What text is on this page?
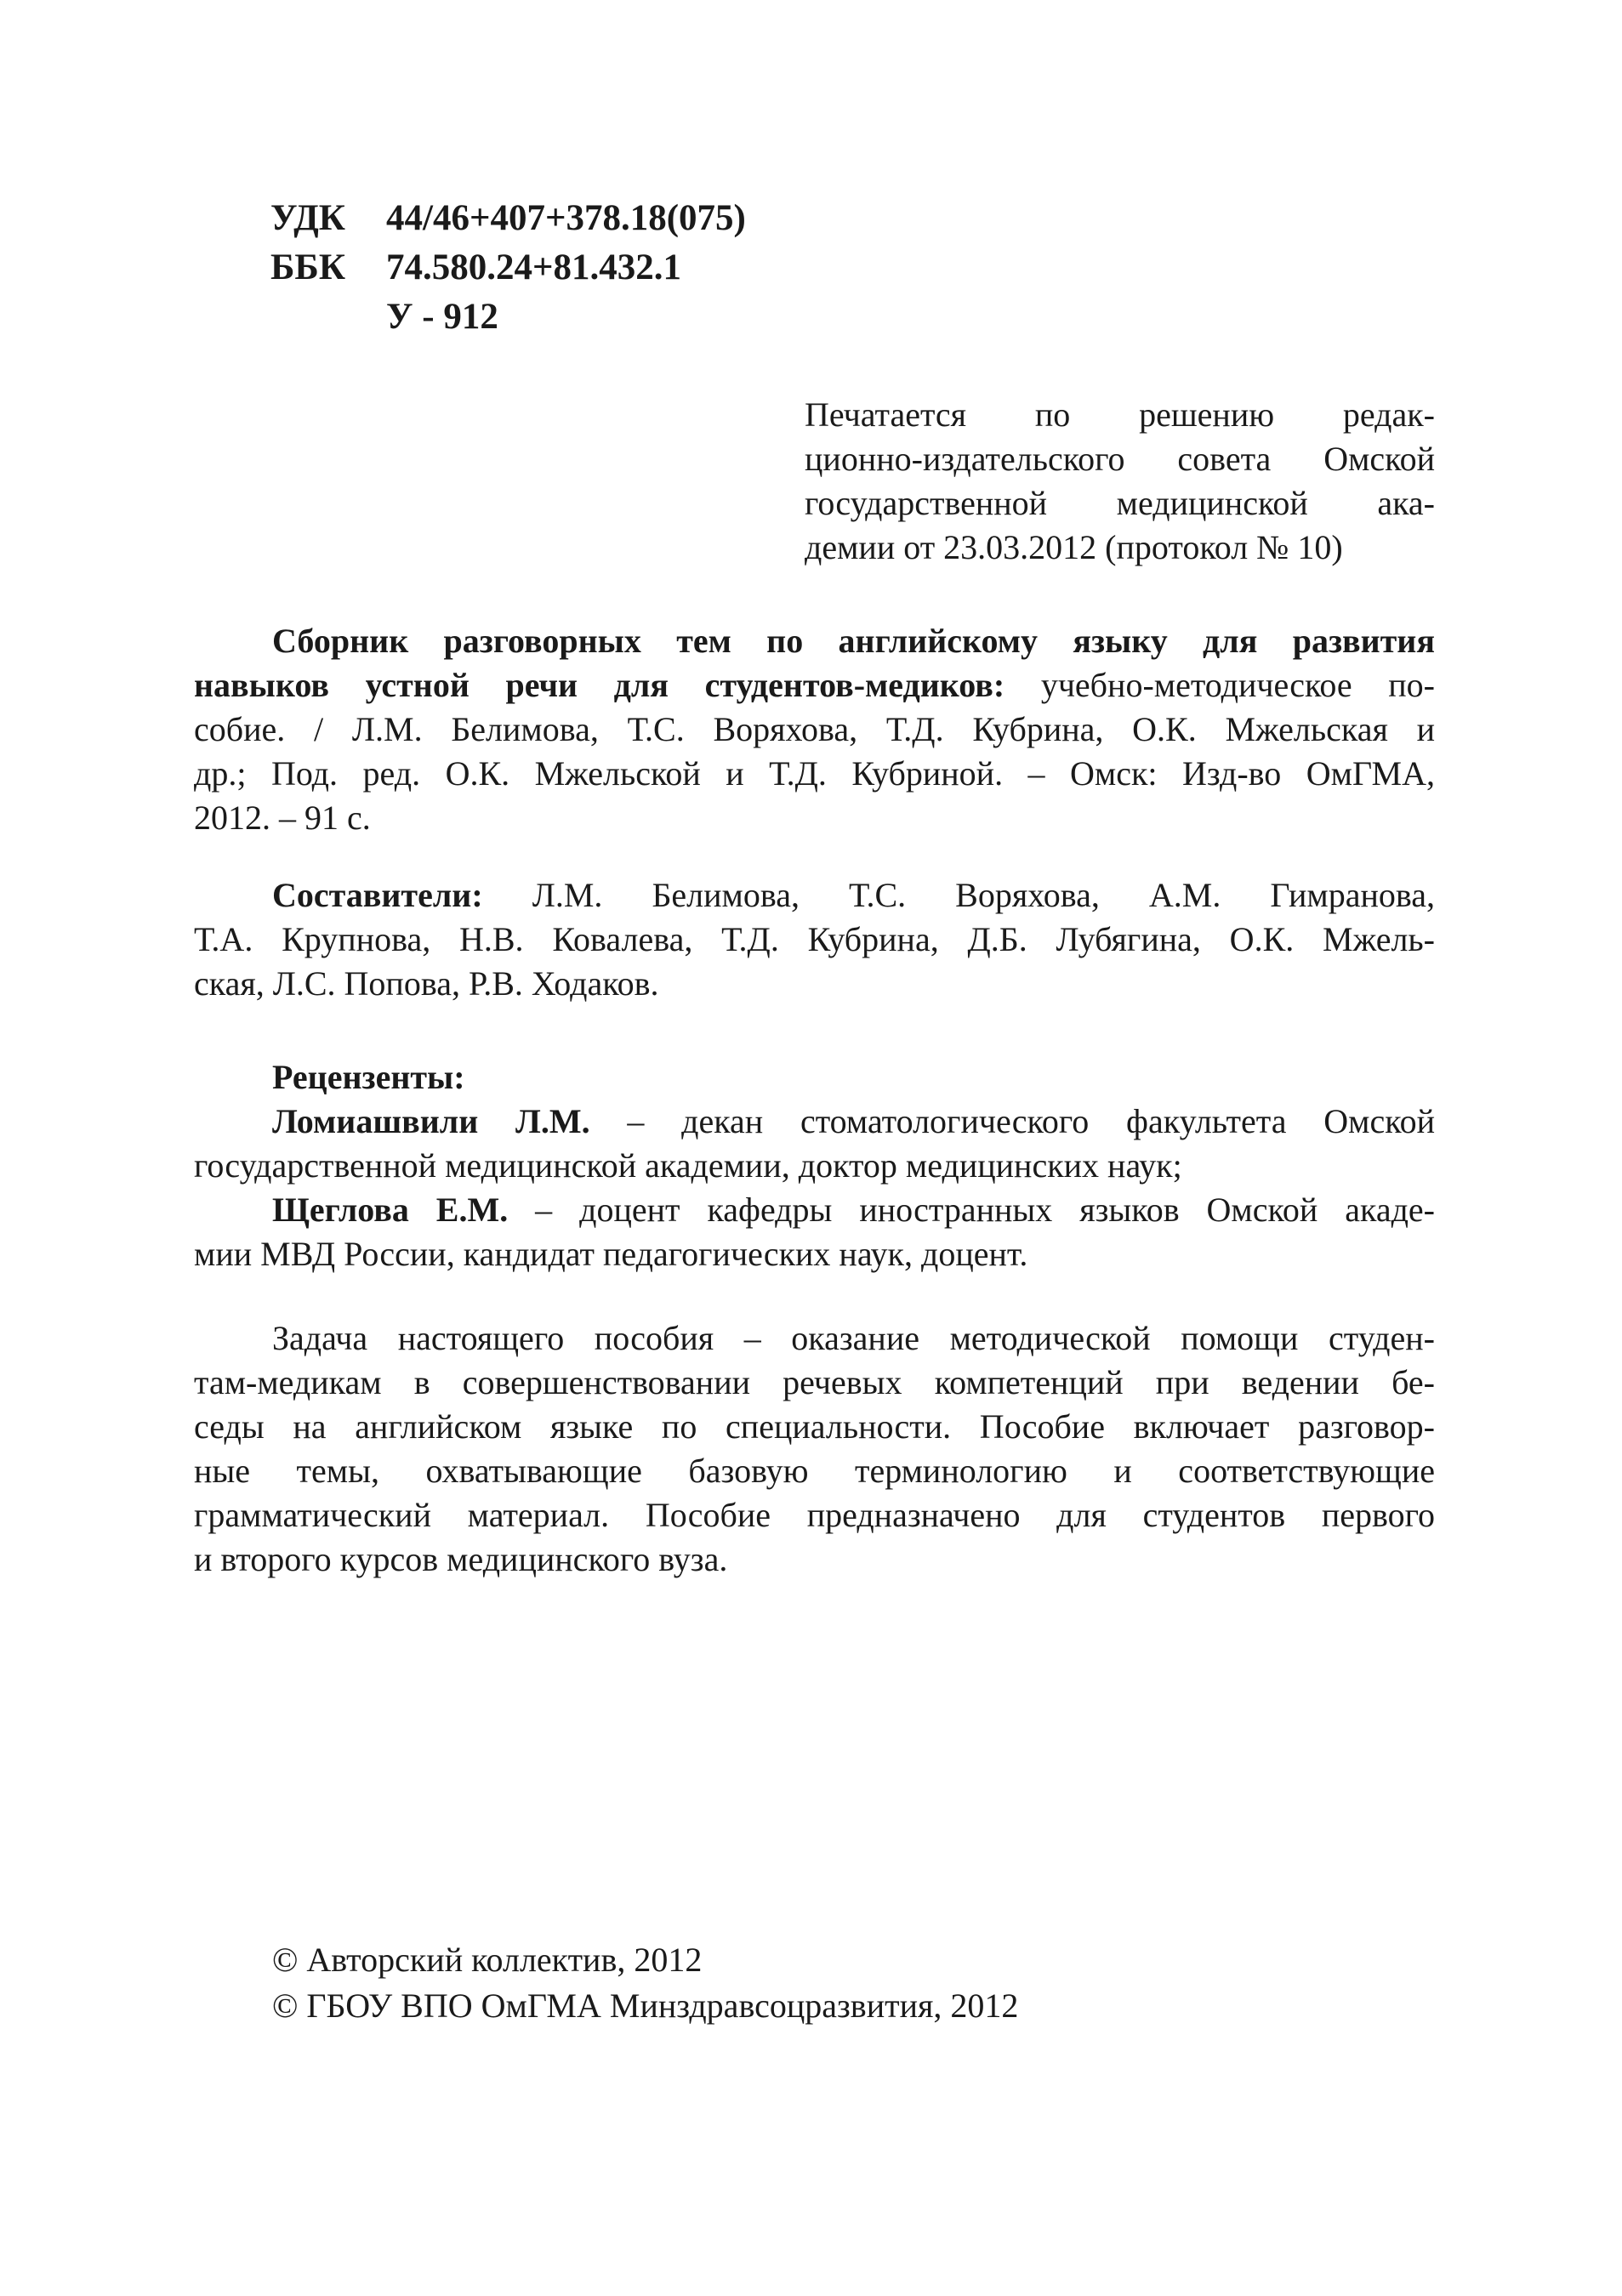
УДК 44/46+407+378.18(075)
ББК 74.580.24+81.432.1
У - 912
Печатается по решению редак-
ционно-издательского совета Омской
государственной медицинской ака-
демии от 23.03.2012 (протокол № 10)
Сборник разговорных тем по английскому языку для развития
навыков устной речи для студентов-медиков: учебно-методическое по-
собие. / Л.М. Белимова, Т.С. Воряхова, Т.Д. Кубрина, О.К. Мжельская и
др.; Под. ред. О.К. Мжельской и Т.Д. Кубриной. – Омск: Изд-во ОмГМА,
2012. – 91 с.
Составители: Л.М. Белимова, Т.С. Воряхова, А.М. Гимранова,
Т.А. Крупнова, Н.В. Ковалева, Т.Д. Кубрина, Д.Б. Лубягина, О.К. Мжель-
ская, Л.С. Попова, Р.В. Ходаков.
Рецензенты:
Ломиашвили Л.М. – декан стоматологического факультета Омской
государственной медицинской академии, доктор медицинских наук;
Щеглова Е.М. – доцент кафедры иностранных языков Омской акаде-
мии МВД России, кандидат педагогических наук, доцент.
Задача настоящего пособия – оказание методической помощи студен-
там-медикам в совершенствовании речевых компетенций при ведении бе-
седы на английском языке по специальности. Пособие включает разговор-
ные темы, охватывающие базовую терминологию и соответствующие
грамматический материал. Пособие предназначено для студентов первого
и второго курсов медицинского вуза.
© Авторский коллектив, 2012
© ГБОУ ВПО ОмГМА Минздравсоцразвития, 2012
